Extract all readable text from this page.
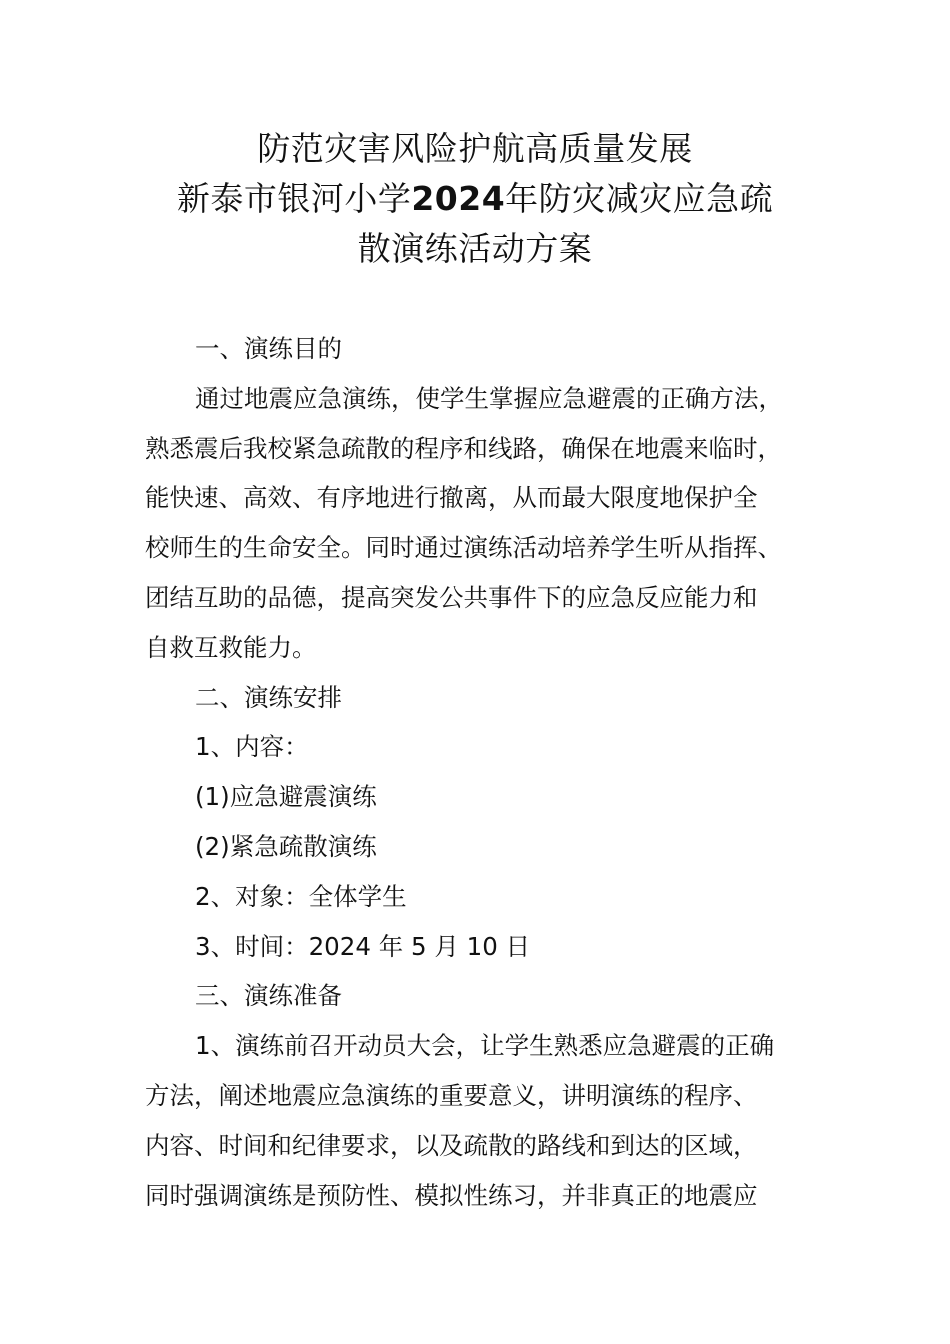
防范灾害风险护航高质量发展
新泰市银河小学2024年防灾减灾应急疏
散演练活动方案

一、演练目的

通过地震应急演练，使学生掌握应急避震的正确方法，
熟悉震后我校紧急疏散的程序和线路，确保在地震来临时，
能快速、高效、有序地进行撤离，从而最大限度地保护全
校师生的生命安全。同时通过演练活动培养学生听从指挥、
团结互助的品德，提高突发公共事件下的应急反应能力和
自救互救能力。

二、演练安排

1、内容：

(1)应急避震演练

(2)紧急疏散演练

2、对象：全体学生

3、时间：2024 年 5 月 10 日

三、演练准备

1、演练前召开动员大会，让学生熟悉应急避震的正确
方法，阐述地震应急演练的重要意义，讲明演练的程序、
内容、时间和纪律要求，以及疏散的路线和到达的区域，
同时强调演练是预防性、模拟性练习，并非真正的地震应
